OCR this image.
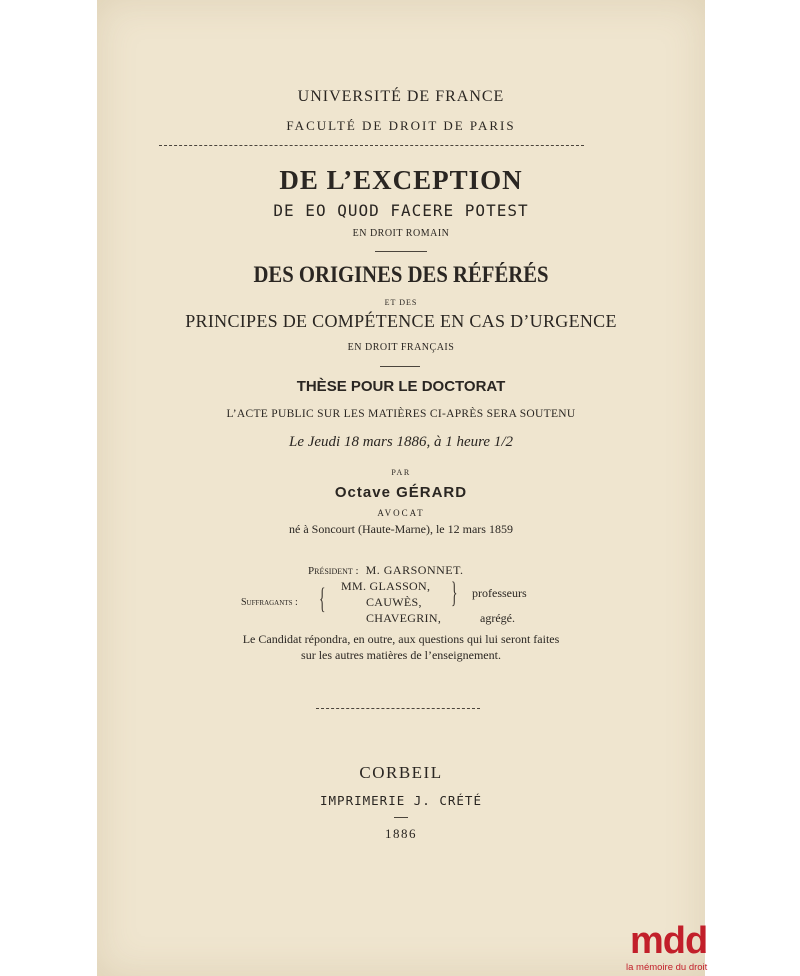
UNIVERSITÉ DE FRANCE
FACULTÉ DE DROIT DE PARIS
DE L’EXCEPTION
DE EO QUOD FACERE POTEST
EN DROIT ROMAIN
DES ORIGINES DES RÉFÉRÉS
ET DES
PRINCIPES DE COMPÉTENCE EN CAS D’URGENCE
EN DROIT FRANÇAIS
THÈSE POUR LE DOCTORAT
L’ACTE PUBLIC SUR LES MATIÈRES CI-APRÈS SERA SOUTENU
Le Jeudi 18 mars 1886, à 1 heure 1/2
PAR
Octave GÉRARD
AVOCAT
né à Soncourt (Haute-Marne), le 12 mars 1859
Président : M. GARSONNET.
Suffragants : { MM. GLASSON,
CAUWÈS,
CHAVEGRIN,
} professeurs
agrégé.
Le Candidat répondra, en outre, aux questions qui lui seront faites
sur les autres matières de l’enseignement.
CORBEIL
IMPRIMERIE J. CRÉTÉ
1886
mdd
la mémoire du droit
